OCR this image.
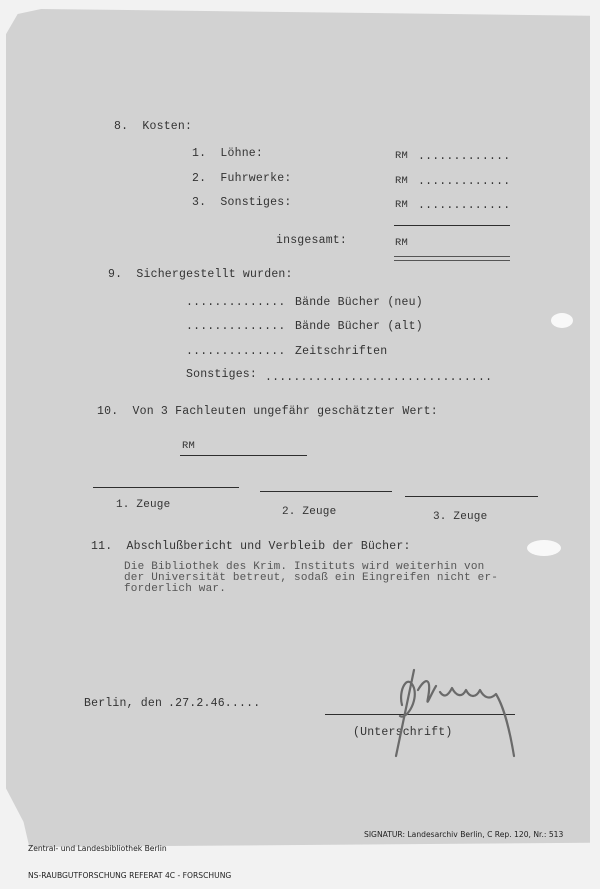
8.  Kosten:
1.  Löhne:	RM .............
2.  Fuhrwerke:	RM .............
3.  Sonstiges:	RM .............
insgesamt:	RM
9.  Sichergestellt wurden:
.............. Bände Bücher (neu)
.............. Bände Bücher (alt)
.............. Zeitschriften
Sonstiges: ................................
10.  Von 3 Fachleuten ungefähr geschätzter Wert:
RM
1. Zeuge
2. Zeuge	3. Zeuge
11.  Abschlußbericht und Verbleib der Bücher:
Die Bibliothek des Krim. Instituts wird weiterhin von
der Universität betreut, sodaß ein Eingreifen nicht er-
forderlich war.
Berlin, den .27.2.46.....
(Unterschrift)

Zentral- und Landesbibliothek Berlin

NS-RAUBGUTFORSCHUNG REFERAT 4C - FORSCHUNG

SIGNATUR: Landesarchiv Berlin, C Rep. 120, Nr.: 513
